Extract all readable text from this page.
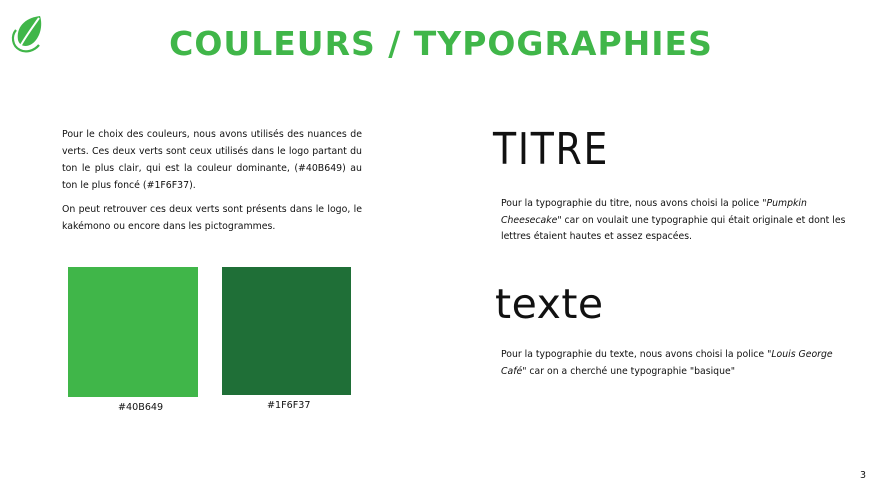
COULEURS / TYPOGRAPHIES
Pour le choix des couleurs, nous avons utilisés des nuances de verts. Ces deux verts sont ceux utilisés dans le logo partant du ton le plus clair, qui est la couleur dominante, (#40B649) au ton le plus foncé (#1F6F37).
On peut retrouver ces deux verts sont présents dans le logo, le kakémono ou encore dans les pictogrammes.
#40B649	#1F6F37
TITRE
Pour la typographie du titre, nous avons choisi la police "Pumpkin Cheesecake" car on voulait une typographie qui était originale et dont les lettres étaient hautes et assez espacées.
texte
Pour la typographie du texte, nous avons choisi la police "Louis George Café" car on a cherché une typographie "basique"
3
